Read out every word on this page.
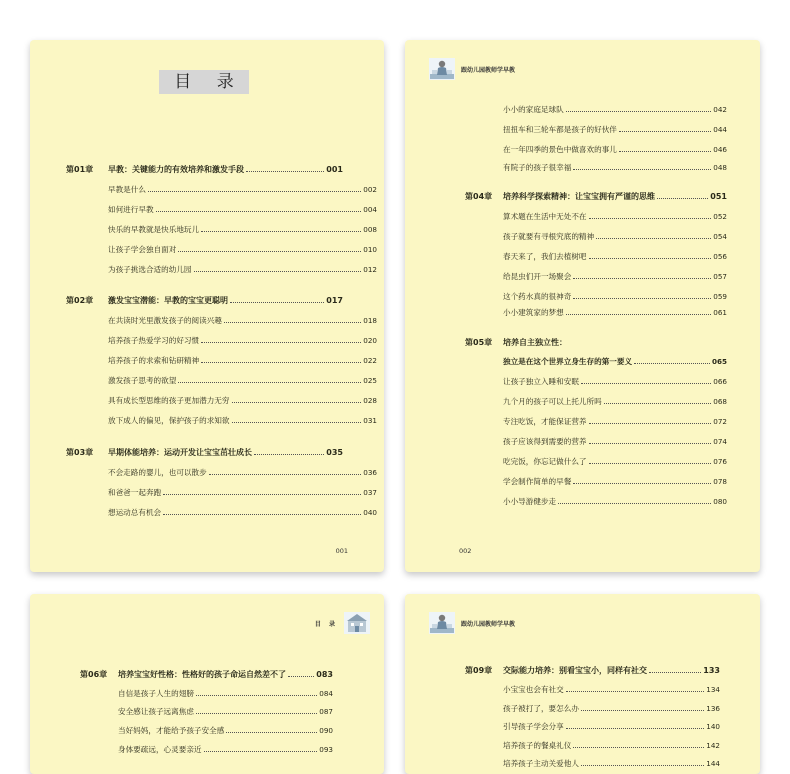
目 录
第01章	早教：关键能力的有效培养和激发手段	001
早教是什么	002
如何进行早教	004
快乐的早教就是快乐地玩儿	008
让孩子学会独自面对	010
为孩子挑选合适的幼儿园	012
第02章	激发宝宝潜能：早教的宝宝更聪明	017
在共读时光里激发孩子的阅读兴趣	018
培养孩子热爱学习的好习惯	020
培养孩子的求索和钻研精神	022
激发孩子思考的欲望	025
具有成长型思维的孩子更加潜力无穷	028
放下成人的偏见，保护孩子的求知欲	031
第03章	早期体能培养：运动开发让宝宝茁壮成长	035
不会走路的婴儿，也可以散步	036
和爸爸一起奔跑	037
想运动总有机会	040
001
跟幼儿园教师学早教
小小的家庭足球队	042
扭扭车和三轮车都是孩子的好伙伴	044
在一年四季的景色中做喜欢的事儿	046
有院子的孩子很幸福	048
第04章	培养科学探索精神：让宝宝拥有严谨的思维	051
算术题在生活中无处不在	052
孩子就要有寻根究底的精神	054
春天来了，我们去植树吧	056
给昆虫们开一场聚会	057
这个药水真的很神奇	059
小小建筑家的梦想	061
第05章	培养自主独立性：
独立是在这个世界立身生存的第一要义	065
让孩子独立入睡和安眠	066
九个月的孩子可以上托儿所吗	068
专注吃饭，才能保证营养	072
孩子应该得到需要的营养	074
吃完饭，你忘记做什么了	076
学会制作简单的早餐	078
小小导游健步走	080
002
目 录
第06章	培养宝宝好性格：性格好的孩子命运自然差不了	083
自信是孩子人生的翅膀	084
安全感让孩子远离焦虑	087
当好妈妈，才能给予孩子安全感	090
身体要疏远，心灵要亲近	093
跟幼儿园教师学早教
第09章	交际能力培养：别看宝宝小，同样有社交	133
小宝宝也会有社交	134
孩子被打了，要怎么办	136
引导孩子学会分享	140
培养孩子的餐桌礼仪	142
培养孩子主动关爱他人	144
